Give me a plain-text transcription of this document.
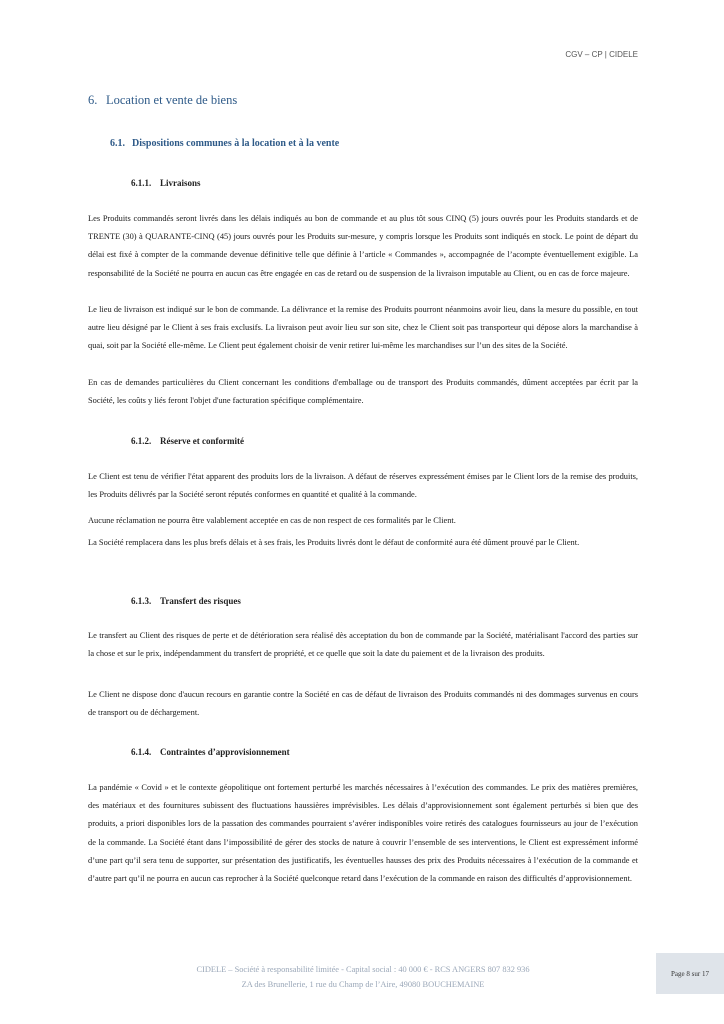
CGV – CP | CIDELE
6. Location et vente de biens
6.1. Dispositions communes à la location et à la vente
6.1.1. Livraisons

Les Produits commandés seront livrés dans les délais indiqués au bon de commande et au plus tôt sous CINQ (5) jours ouvrés pour les Produits standards et de TRENTE (30) à QUARANTE-CINQ (45) jours ouvrés pour les Produits sur-mesure, y compris lorsque les Produits sont indiqués en stock. Le point de départ du délai est fixé à compter de la commande devenue définitive telle que définie à l’article « Commandes », accompagnée de l’acompte éventuellement exigible. La responsabilité de la Société ne pourra en aucun cas être engagée en cas de retard ou de suspension de la livraison imputable au Client, ou en cas de force majeure.

Le lieu de livraison est indiqué sur le bon de commande. La délivrance et la remise des Produits pourront néanmoins avoir lieu, dans la mesure du possible, en tout autre lieu désigné par le Client à ses frais exclusifs. La livraison peut avoir lieu sur son site, chez le Client soit pas transporteur qui dépose alors la marchandise à quai, soit par la Société elle-même. Le Client peut également choisir de venir retirer lui-même les marchandises sur l’un des sites de la Société.

En cas de demandes particulières du Client concernant les conditions d'emballage ou de transport des Produits commandés, dûment acceptées par écrit par la Société, les coûts y liés feront l'objet d'une facturation spécifique complémentaire.

6.1.2. Réserve et conformité

Le Client est tenu de vérifier l'état apparent des produits lors de la livraison. A défaut de réserves expressément émises par le Client lors de la remise des produits, les Produits délivrés par la Société seront réputés conformes en quantité et qualité à la commande.

Aucune réclamation ne pourra être valablement acceptée en cas de non respect de ces formalités par le Client.

La Société remplacera dans les plus brefs délais et à ses frais, les Produits livrés dont le défaut de conformité aura été dûment prouvé par le Client.

6.1.3. Transfert des risques

Le transfert au Client des risques de perte et de détérioration sera réalisé dès acceptation du bon de commande par la Société, matérialisant l'accord des parties sur la chose et sur le prix, indépendamment du transfert de propriété, et ce quelle que soit la date du paiement et de la livraison des produits.

Le Client ne dispose donc d'aucun recours en garantie contre la Société en cas de défaut de livraison des Produits commandés ni des dommages survenus en cours de transport ou de déchargement.

6.1.4. Contraintes d’approvisionnement

La pandémie « Covid » et le contexte géopolitique ont fortement perturbé les marchés nécessaires à l’exécution des commandes. Le prix des matières premières, des matériaux et des fournitures subissent des fluctuations haussières imprévisibles. Les délais d’approvisionnement sont également perturbés si bien que des produits, a priori disponibles lors de la passation des commandes pourraient s’avérer indisponibles voire retirés des catalogues fournisseurs au jour de l’exécution de la commande. La Société étant dans l’impossibilité de gérer des stocks de nature à couvrir l’ensemble de ses interventions, le Client est expressément informé d’une part qu’il sera tenu de supporter, sur présentation des justificatifs, les éventuelles hausses des prix des Produits nécessaires à l’exécution de la commande et d’autre part qu’il ne pourra en aucun cas reprocher à la Société quelconque retard dans l’exécution de la commande en raison des difficultés d’approvisionnement.

CIDELE – Société à responsabilité limitée - Capital social : 40 000 € - RCS ANGERS 807 832 936
ZA des Brunellerie, 1 rue du Champ de l’Aire, 49080 BOUCHEMAINE
Page 8 sur 17
